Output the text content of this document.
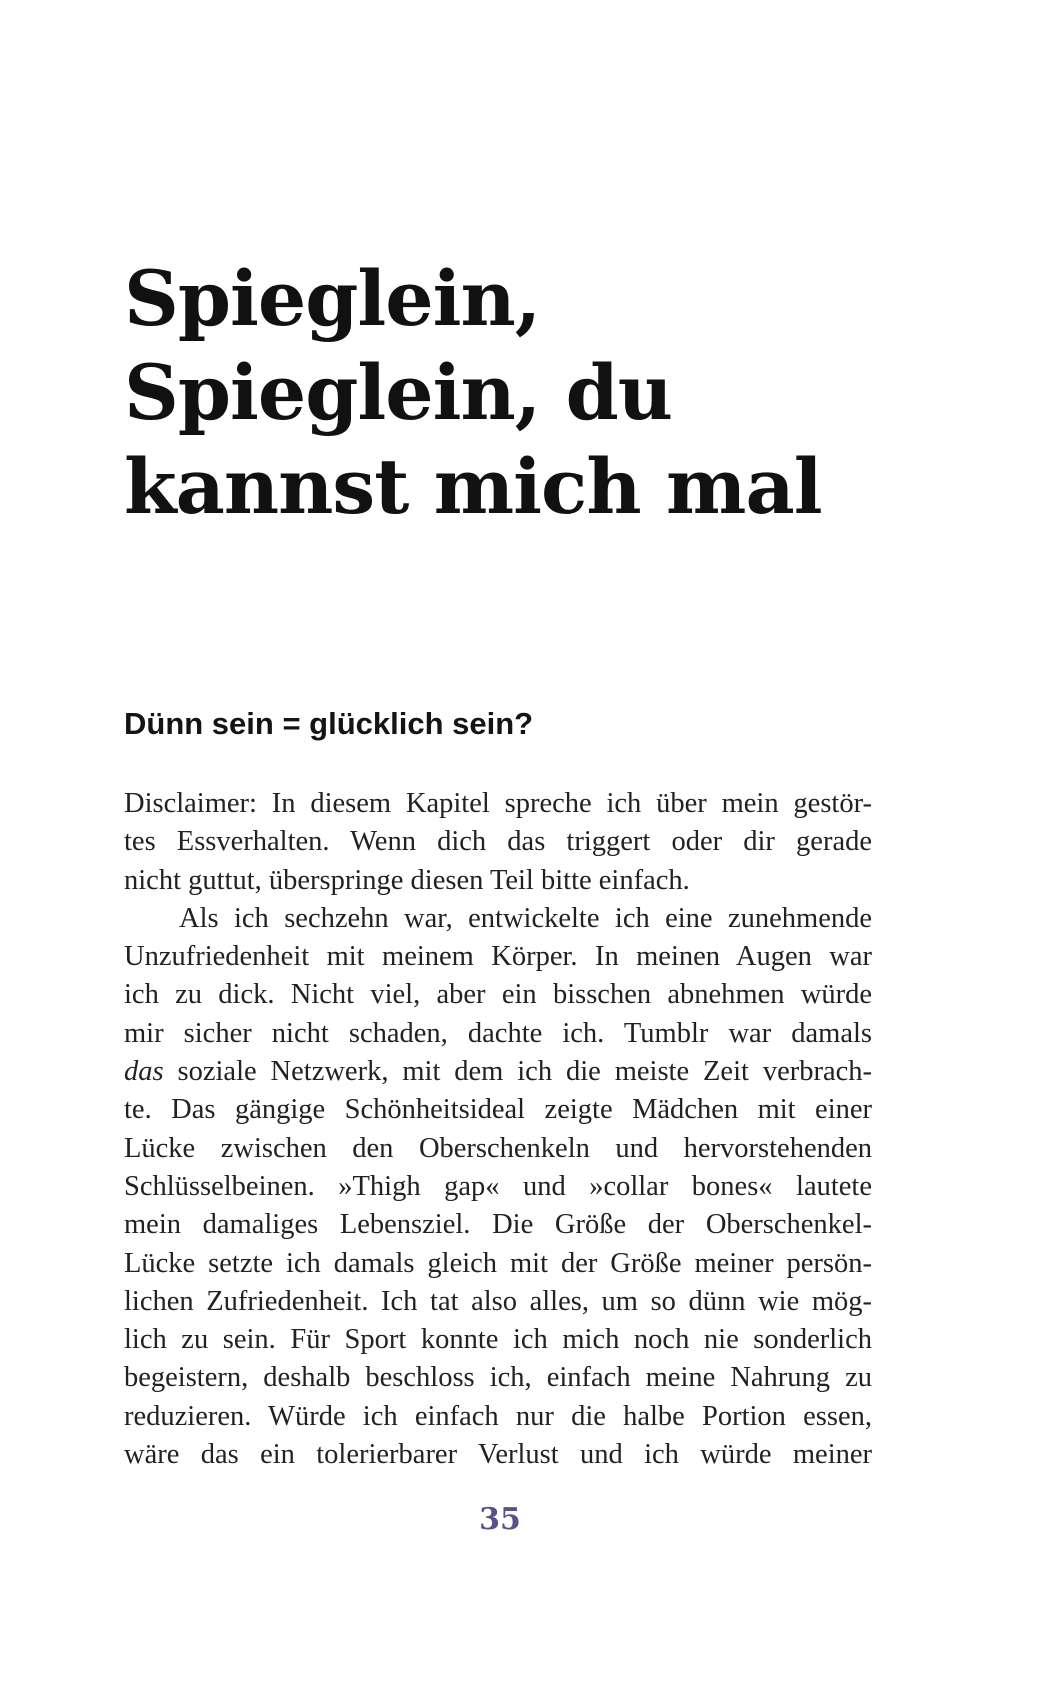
Spieglein,
Spieglein, du
kannst mich mal
Dünn sein = glücklich sein?
Disclaimer: In diesem Kapitel spreche ich über mein gestör-
tes Essverhalten. Wenn dich das triggert oder dir gerade
nicht guttut, überspringe diesen Teil bitte einfach.
Als ich sechzehn war, entwickelte ich eine zunehmende
Unzufriedenheit mit meinem Körper. In meinen Augen war
ich zu dick. Nicht viel, aber ein bisschen abnehmen würde
mir sicher nicht schaden, dachte ich. Tumblr war damals
das soziale Netzwerk, mit dem ich die meiste Zeit verbrach-
te. Das gängige Schönheitsideal zeigte Mädchen mit einer
Lücke zwischen den Oberschenkeln und hervorstehenden
Schlüsselbeinen. »Thigh gap« und »collar bones« lautete
mein damaliges Lebensziel. Die Größe der Oberschenkel-
Lücke setzte ich damals gleich mit der Größe meiner persön-
lichen Zufriedenheit. Ich tat also alles, um so dünn wie mög-
lich zu sein. Für Sport konnte ich mich noch nie sonderlich
begeistern, deshalb beschloss ich, einfach meine Nahrung zu
reduzieren. Würde ich einfach nur die halbe Portion essen,
wäre das ein tolerierbarer Verlust und ich würde meiner

35
